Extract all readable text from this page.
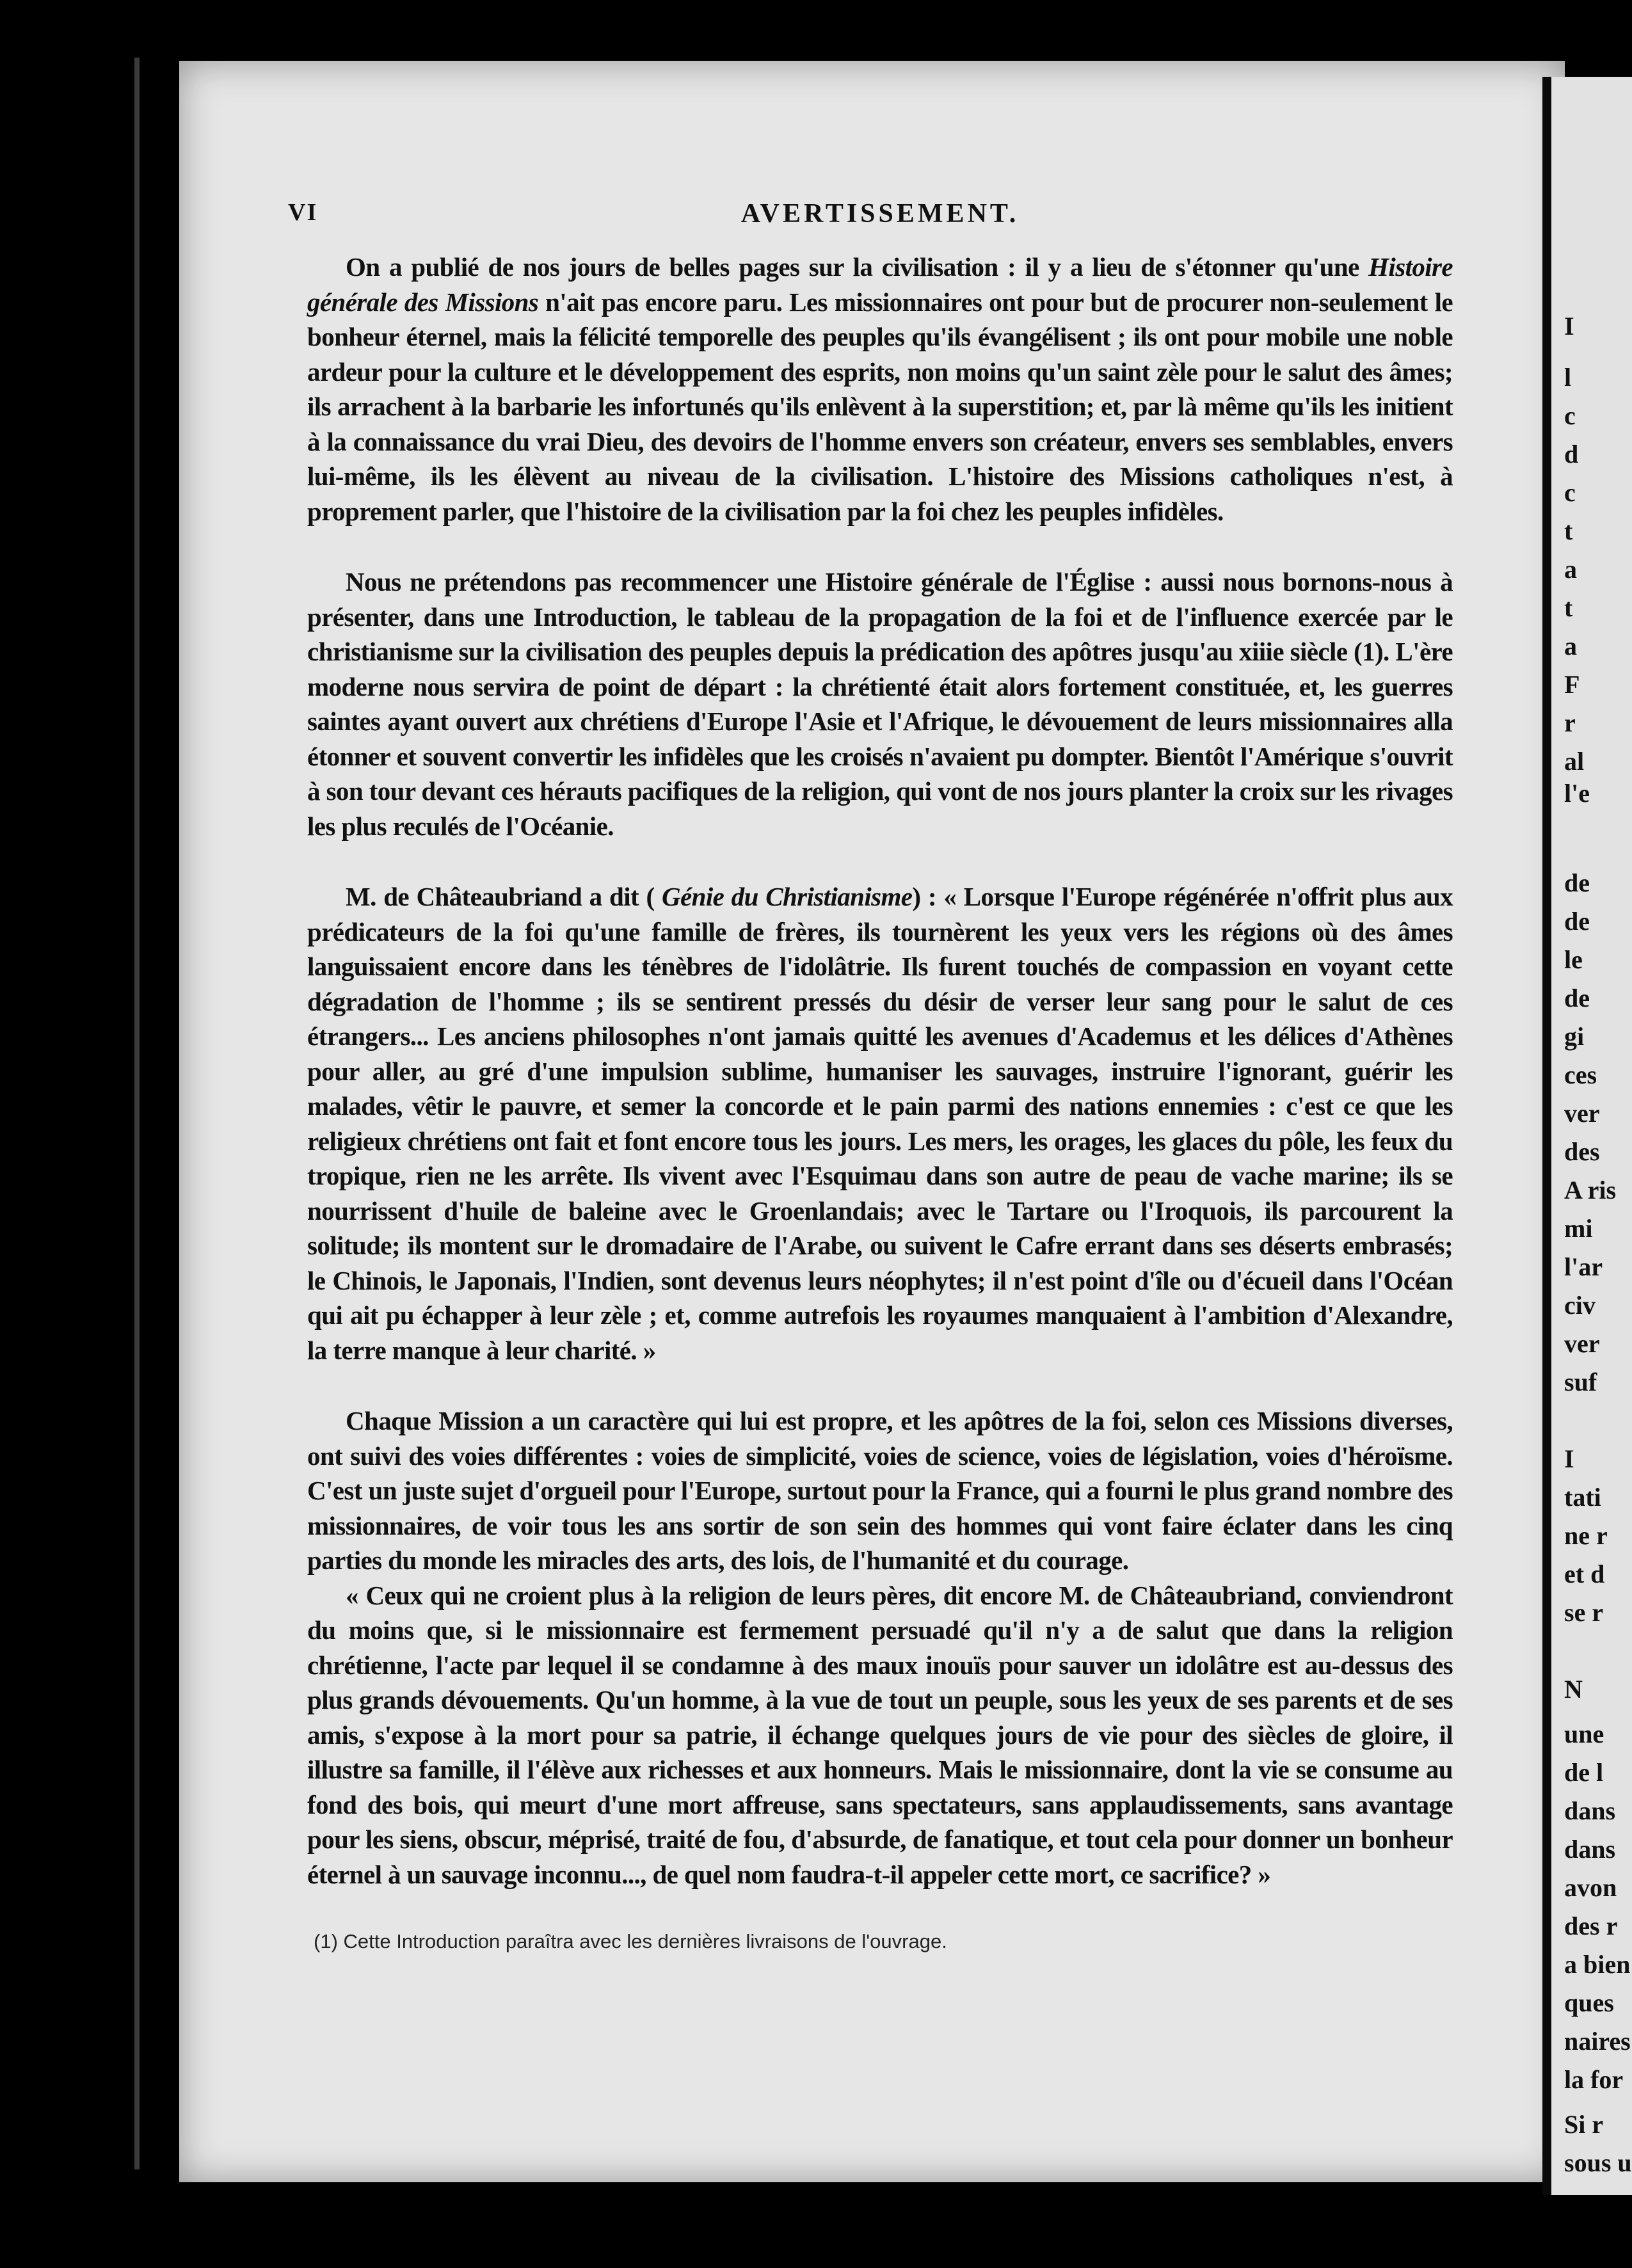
VI	AVERTISSEMENT.

On a publié de nos jours de belles pages sur la civilisation : il y a lieu de s'étonner qu'une Histoire générale des Missions n'ait pas encore paru. Les missionnaires ont pour but de procurer non-seulement le bonheur éternel, mais la félicité temporelle des peuples qu'ils évangélisent ; ils ont pour mobile une noble ardeur pour la culture et le développement des esprits, non moins qu'un saint zèle pour le salut des âmes; ils arrachent à la barbarie les infortunés qu'ils enlèvent à la superstition; et, par là même qu'ils les initient à la connaissance du vrai Dieu, des devoirs de l'homme envers son créateur, envers ses semblables, envers lui-même, ils les élèvent au niveau de la civilisation. L'histoire des Missions catholiques n'est, à proprement parler, que l'histoire de la civilisation par la foi chez les peuples infidèles.

Nous ne prétendons pas recommencer une Histoire générale de l'Église : aussi nous bornons-nous à présenter, dans une Introduction, le tableau de la propagation de la foi et de l'influence exercée par le christianisme sur la civilisation des peuples depuis la prédication des apôtres jusqu'au xiiie siècle (1). L'ère moderne nous servira de point de départ : la chrétienté était alors fortement constituée, et, les guerres saintes ayant ouvert aux chrétiens d'Europe l'Asie et l'Afrique, le dévouement de leurs missionnaires alla étonner et souvent convertir les infidèles que les croisés n'avaient pu dompter. Bientôt l'Amérique s'ouvrit à son tour devant ces hérauts pacifiques de la religion, qui vont de nos jours planter la croix sur les rivages les plus reculés de l'Océanie.

M. de Châteaubriand a dit ( Génie du Christianisme) : « Lorsque l'Europe régénérée n'offrit plus aux prédicateurs de la foi qu'une famille de frères, ils tournèrent les yeux vers les régions où des âmes languissaient encore dans les ténèbres de l'idolâtrie. Ils furent touchés de compassion en voyant cette dégradation de l'homme ; ils se sentirent pressés du désir de verser leur sang pour le salut de ces étrangers... Les anciens philosophes n'ont jamais quitté les avenues d'Academus et les délices d'Athènes pour aller, au gré d'une impulsion sublime, humaniser les sauvages, instruire l'ignorant, guérir les malades, vêtir le pauvre, et semer la concorde et le pain parmi des nations ennemies : c'est ce que les religieux chrétiens ont fait et font encore tous les jours. Les mers, les orages, les glaces du pôle, les feux du tropique, rien ne les arrête. Ils vivent avec l'Esquimau dans son autre de peau de vache marine; ils se nourrissent d'huile de baleine avec le Groenlandais; avec le Tartare ou l'Iroquois, ils parcourent la solitude; ils montent sur le dromadaire de l'Arabe, ou suivent le Cafre errant dans ses déserts embrasés; le Chinois, le Japonais, l'Indien, sont devenus leurs néophytes; il n'est point d'île ou d'écueil dans l'Océan qui ait pu échapper à leur zèle ; et, comme autrefois les royaumes manquaient à l'ambition d'Alexandre, la terre manque à leur charité. »

Chaque Mission a un caractère qui lui est propre, et les apôtres de la foi, selon ces Missions diverses, ont suivi des voies différentes : voies de simplicité, voies de science, voies de législation, voies d'héroïsme. C'est un juste sujet d'orgueil pour l'Europe, surtout pour la France, qui a fourni le plus grand nombre des missionnaires, de voir tous les ans sortir de son sein des hommes qui vont faire éclater dans les cinq parties du monde les miracles des arts, des lois, de l'humanité et du courage.

« Ceux qui ne croient plus à la religion de leurs pères, dit encore M. de Châteaubriand, conviendront du moins que, si le missionnaire est fermement persuadé qu'il n'y a de salut que dans la religion chrétienne, l'acte par lequel il se condamne à des maux inouïs pour sauver un idolâtre est au-dessus des plus grands dévouements. Qu'un homme, à la vue de tout un peuple, sous les yeux de ses parents et de ses amis, s'expose à la mort pour sa patrie, il échange quelques jours de vie pour des siècles de gloire, il illustre sa famille, il l'élève aux richesses et aux honneurs. Mais le missionnaire, dont la vie se consume au fond des bois, qui meurt d'une mort affreuse, sans spectateurs, sans applaudissements, sans avantage pour les siens, obscur, méprisé, traité de fou, d'absurde, de fanatique, et tout cela pour donner un bonheur éternel à un sauvage inconnu..., de quel nom faudra-t-il appeler cette mort, ce sacrifice? »

(1) Cette Introduction paraîtra avec les dernières livraisons de l'ouvrage.
I
l
c
d
c
t
a
t
a
F
r
al
l'e
de
de
le
de
gi
ces
ver
des
A ris
mi
l'ar
civ
ver
suf
I
tati
ne r
et d
se r
N
une
de l
dans
dans
avon
des r
a bien
ques
naires
la for
Si r
sous u
